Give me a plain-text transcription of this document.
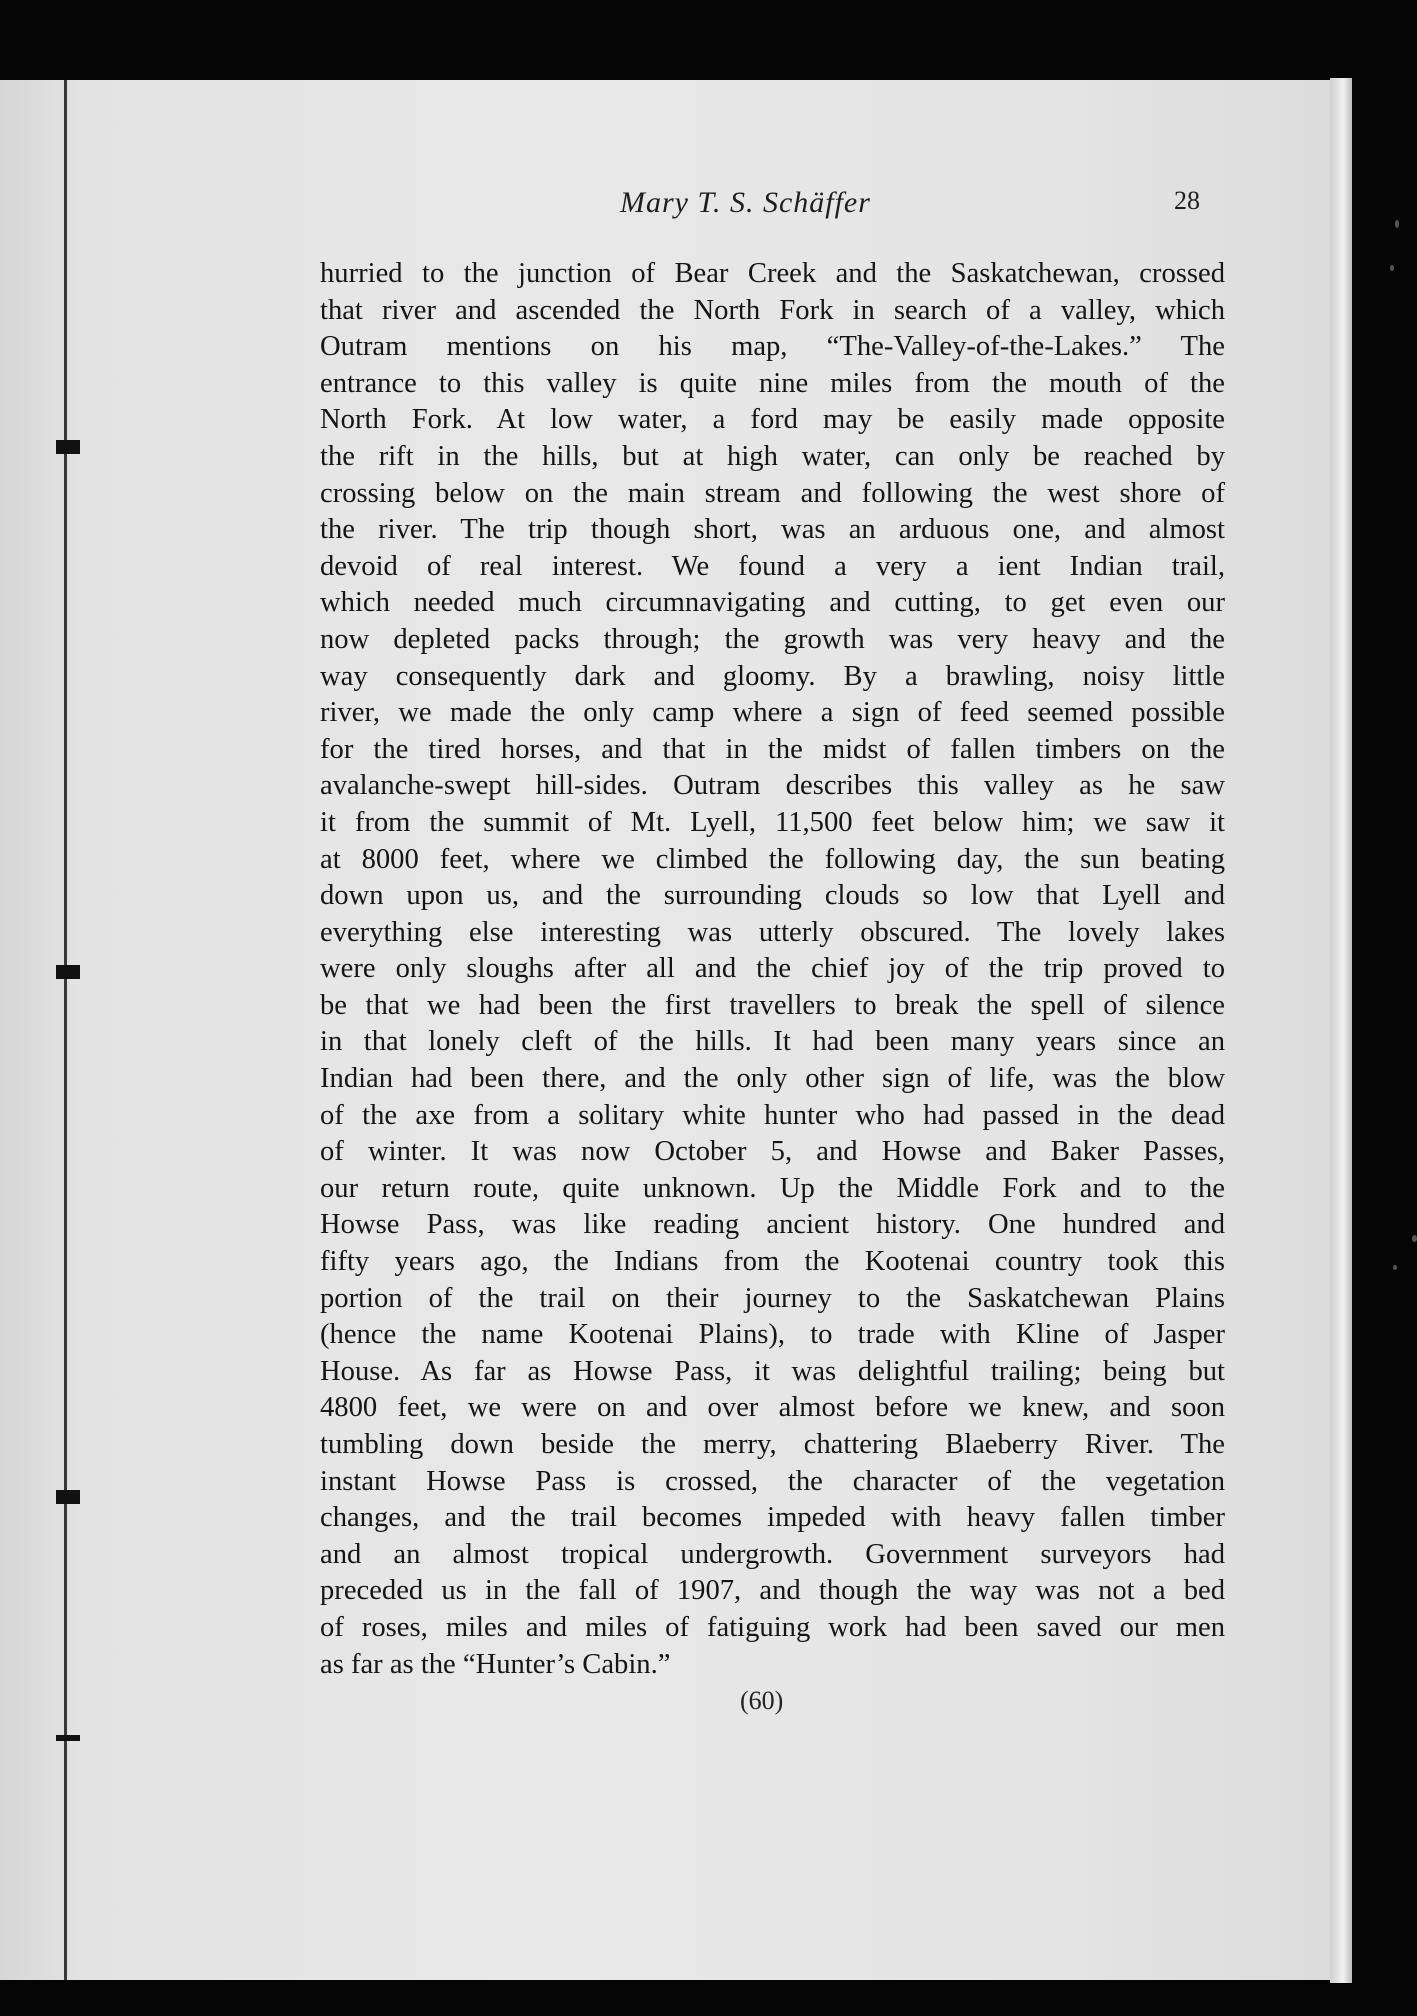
Mary T. S. Schäffer	28
hurried to the junction of Bear Creek and the Saskatchewan, crossed
that river and ascended the North Fork in search of a valley, which
Outram mentions on his map, “The-Valley-of-the-Lakes.” The
entrance to this valley is quite nine miles from the mouth of the
North Fork. At low water, a ford may be easily made opposite
the rift in the hills, but at high water, can only be reached by
crossing below on the main stream and following the west shore of
the river. The trip though short, was an arduous one, and almost
devoid of real interest. We found a very a ient Indian trail,
which needed much circumnavigating and cutting, to get even our
now depleted packs through; the growth was very heavy and the
way consequently dark and gloomy. By a brawling, noisy little
river, we made the only camp where a sign of feed seemed possible
for the tired horses, and that in the midst of fallen timbers on the
avalanche-swept hill-sides. Outram describes this valley as he saw
it from the summit of Mt. Lyell, 11,500 feet below him; we saw it
at 8000 feet, where we climbed the following day, the sun beating
down upon us, and the surrounding clouds so low that Lyell and
everything else interesting was utterly obscured. The lovely lakes
were only sloughs after all and the chief joy of the trip proved to
be that we had been the first travellers to break the spell of silence
in that lonely cleft of the hills. It had been many years since an
Indian had been there, and the only other sign of life, was the blow
of the axe from a solitary white hunter who had passed in the dead
of winter. It was now October 5, and Howse and Baker Passes,
our return route, quite unknown. Up the Middle Fork and to the
Howse Pass, was like reading ancient history. One hundred and
fifty years ago, the Indians from the Kootenai country took this
portion of the trail on their journey to the Saskatchewan Plains
(hence the name Kootenai Plains), to trade with Kline of Jasper
House. As far as Howse Pass, it was delightful trailing; being but
4800 feet, we were on and over almost before we knew, and soon
tumbling down beside the merry, chattering Blaeberry River. The
instant Howse Pass is crossed, the character of the vegetation
changes, and the trail becomes impeded with heavy fallen timber
and an almost tropical undergrowth. Government surveyors had
preceded us in the fall of 1907, and though the way was not a bed
of roses, miles and miles of fatiguing work had been saved our men
as far as the “Hunter’s Cabin.”
(60)
